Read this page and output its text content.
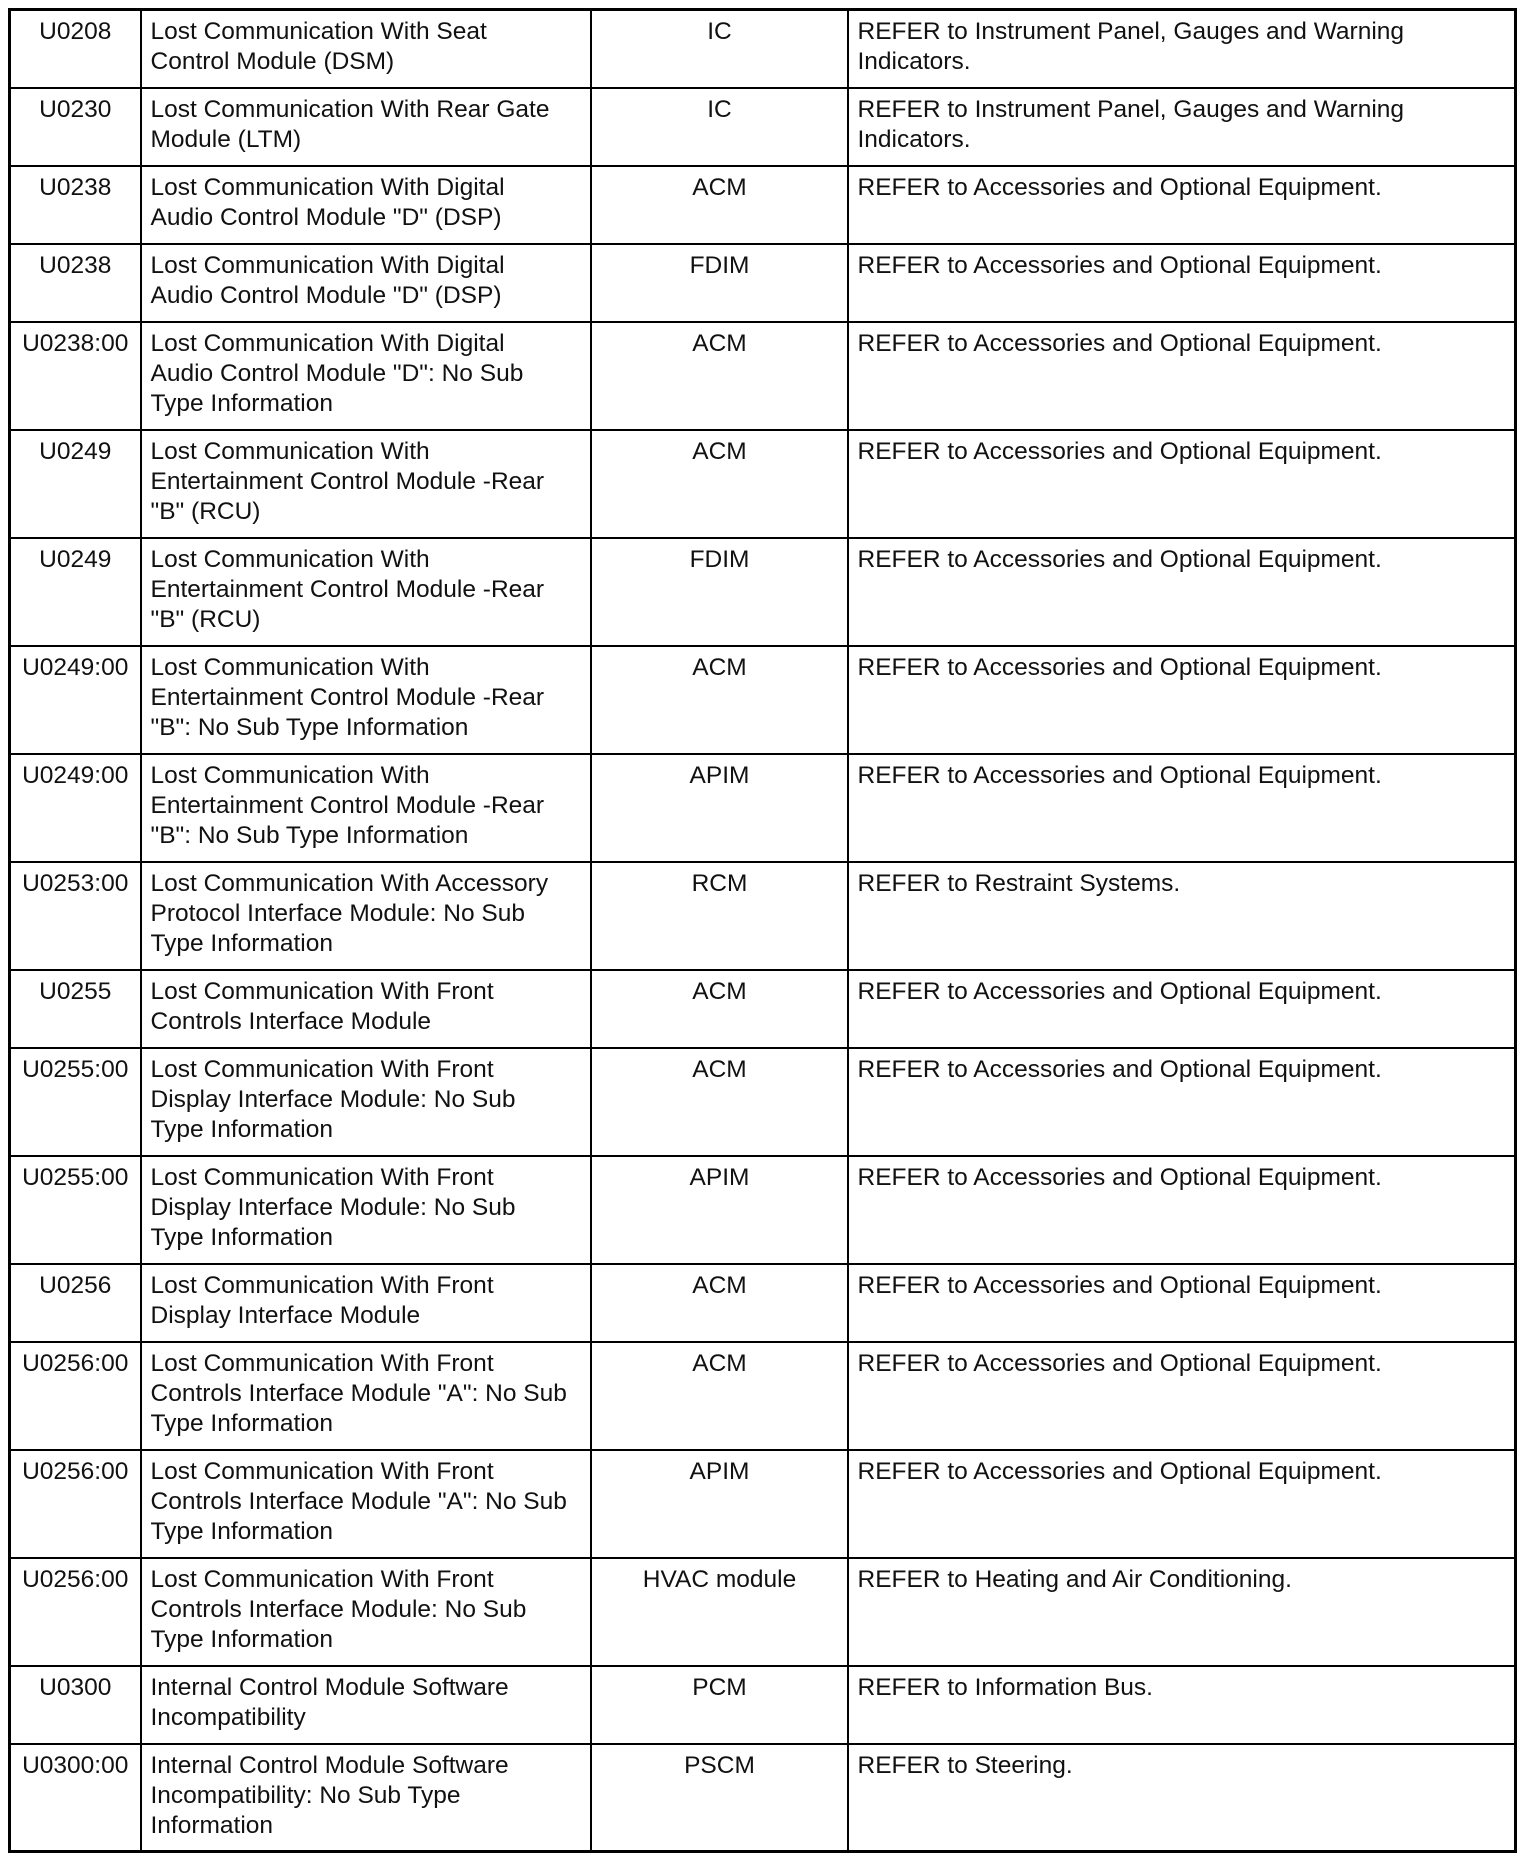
U0208	Lost Communication With Seat
Control Module (DSM)	IC	REFER to Instrument Panel, Gauges and Warning
Indicators.
U0230	Lost Communication With Rear Gate
Module (LTM)	IC	REFER to Instrument Panel, Gauges and Warning
Indicators.
U0238	Lost Communication With Digital
Audio Control Module "D" (DSP)	ACM	REFER to Accessories and Optional Equipment.
U0238	Lost Communication With Digital
Audio Control Module "D" (DSP)	FDIM	REFER to Accessories and Optional Equipment.
U0238:00	Lost Communication With Digital
Audio Control Module "D": No Sub
Type Information	ACM	REFER to Accessories and Optional Equipment.
U0249	Lost Communication With
Entertainment Control Module -Rear
"B" (RCU)	ACM	REFER to Accessories and Optional Equipment.
U0249	Lost Communication With
Entertainment Control Module -Rear
"B" (RCU)	FDIM	REFER to Accessories and Optional Equipment.
U0249:00	Lost Communication With
Entertainment Control Module -Rear
"B": No Sub Type Information	ACM	REFER to Accessories and Optional Equipment.
U0249:00	Lost Communication With
Entertainment Control Module -Rear
"B": No Sub Type Information	APIM	REFER to Accessories and Optional Equipment.
U0253:00	Lost Communication With Accessory
Protocol Interface Module: No Sub
Type Information	RCM	REFER to Restraint Systems.
U0255	Lost Communication With Front
Controls Interface Module	ACM	REFER to Accessories and Optional Equipment.
U0255:00	Lost Communication With Front
Display Interface Module: No Sub
Type Information	ACM	REFER to Accessories and Optional Equipment.
U0255:00	Lost Communication With Front
Display Interface Module: No Sub
Type Information	APIM	REFER to Accessories and Optional Equipment.
U0256	Lost Communication With Front
Display Interface Module	ACM	REFER to Accessories and Optional Equipment.
U0256:00	Lost Communication With Front
Controls Interface Module "A": No Sub
Type Information	ACM	REFER to Accessories and Optional Equipment.
U0256:00	Lost Communication With Front
Controls Interface Module "A": No Sub
Type Information	APIM	REFER to Accessories and Optional Equipment.
U0256:00	Lost Communication With Front
Controls Interface Module: No Sub
Type Information	HVAC module	REFER to Heating and Air Conditioning.
U0300	Internal Control Module Software
Incompatibility	PCM	REFER to Information Bus.
U0300:00	Internal Control Module Software
Incompatibility: No Sub Type
Information	PSCM	REFER to Steering.
